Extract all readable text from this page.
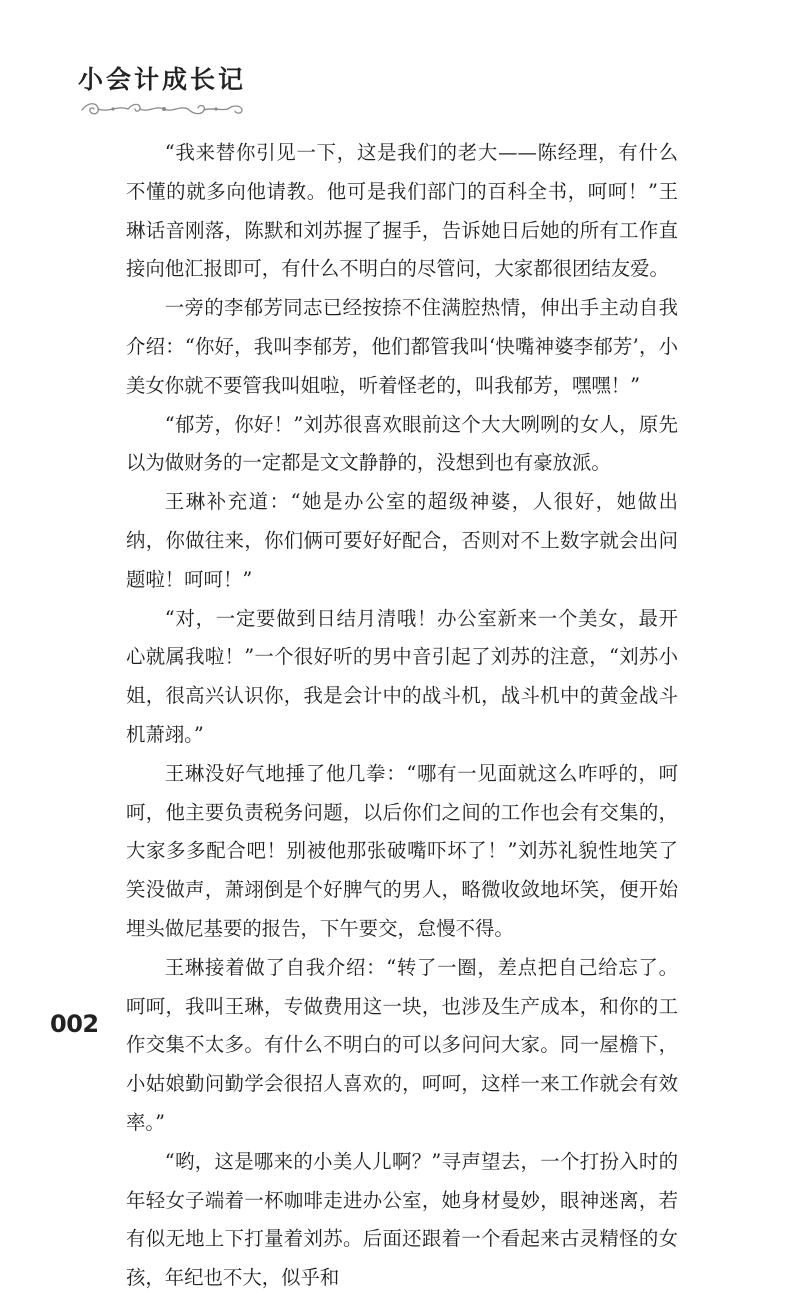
小会计成长记

“我来替你引见一下，这是我们的老大——陈经理，有什么不懂的就多向他请教。他可是我们部门的百科全书，呵呵！”王琳话音刚落，陈默和刘苏握了握手，告诉她日后她的所有工作直接向他汇报即可，有什么不明白的尽管问，大家都很团结友爱。

一旁的李郁芳同志已经按捺不住满腔热情，伸出手主动自我介绍：“你好，我叫李郁芳，他们都管我叫‘快嘴神婆李郁芳’，小美女你就不要管我叫姐啦，听着怪老的，叫我郁芳，嘿嘿！”

“郁芳，你好！”刘苏很喜欢眼前这个大大咧咧的女人，原先以为做财务的一定都是文文静静的，没想到也有豪放派。

王琳补充道：“她是办公室的超级神婆，人很好，她做出纳，你做往来，你们俩可要好好配合，否则对不上数字就会出问题啦！呵呵！”

“对，一定要做到日结月清哦！办公室新来一个美女，最开心就属我啦！”一个很好听的男中音引起了刘苏的注意，“刘苏小姐，很高兴认识你，我是会计中的战斗机，战斗机中的黄金战斗机萧翊。”

王琳没好气地捶了他几拳：“哪有一见面就这么咋呼的，呵呵，他主要负责税务问题，以后你们之间的工作也会有交集的，大家多多配合吧！别被他那张破嘴吓坏了！”刘苏礼貌性地笑了笑没做声，萧翊倒是个好脾气的男人，略微收敛地坏笑，便开始埋头做尼基要的报告，下午要交，怠慢不得。

王琳接着做了自我介绍：“转了一圈，差点把自己给忘了。呵呵，我叫王琳，专做费用这一块，也涉及生产成本，和你的工作交集不太多。有什么不明白的可以多问问大家。同一屋檐下，小姑娘勤问勤学会很招人喜欢的，呵呵，这样一来工作就会有效率。”

“哟，这是哪来的小美人儿啊？”寻声望去，一个打扮入时的年轻女子端着一杯咖啡走进办公室，她身材曼妙，眼神迷离，若有似无地上下打量着刘苏。后面还跟着一个看起来古灵精怪的女孩，年纪也不大，似乎和

002
